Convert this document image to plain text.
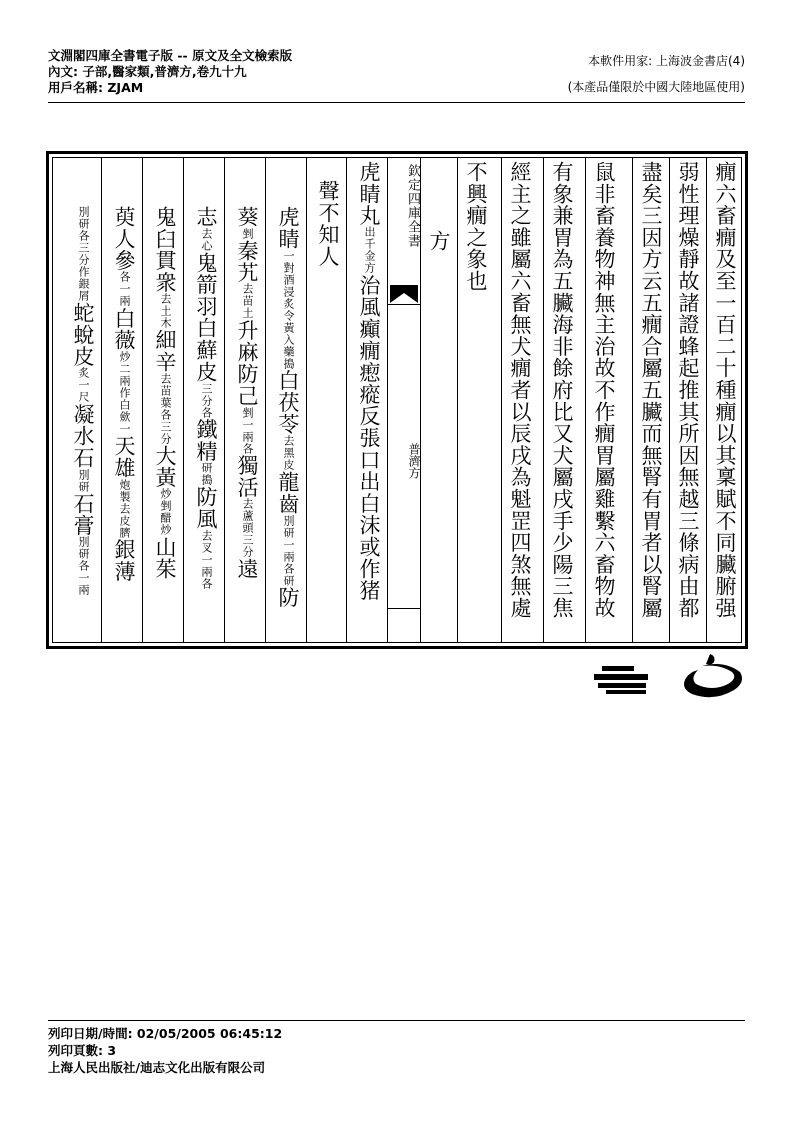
文淵閣四庫全書電子版 -- 原文及全文檢索版
內文: 子部,醫家類,普濟方,卷九十九
用戶名稱: ZJAM
本軟件用家: 上海波金書店(4)
(本產品僅限於中國大陸地區使用)
癇六畜癇及至一百二十種癇以其稟賦不同臟腑强
弱性理燥靜故諸證蜂起推其所因無越三條病由都
盡矣三因方云五癇合屬五臟而無腎有胃者以腎屬
鼠非畜養物神無主治故不作癇胃屬雞繫六畜物故
有象兼胃為五臟海非餘府比又犬屬戌手少陽三焦
經主之雖屬六畜無犬癇者以辰戌為魁罡四煞無處
不興癇之象也
方
欽定四庫全書
普濟方
虎睛丸出千金方治風癲癇瘛瘲反張口出白沫或作猪
聲不知人
虎睛一對酒浸炙令黃入藥搗白茯苓去黑皮龍齒別研一兩各研防
葵剉秦艽去苗土升麻防己剉一兩各獨活去蘆頭三分遠
志去心鬼箭羽白蘚皮三分各鐵精研搗防風去叉一兩各
鬼臼貫衆去土木細辛去苗葉各三分大黃炒剉醋炒山茱
萸人參各一兩白薇炒二兩作白歛一天雄炮製去皮臍銀薄
別研各三分作銀屑蛇蛻皮炙一尺凝水石別研石膏別研各一兩
列印日期/時間: 02/05/2005 06:45:12
列印頁數: 3
上海人民出版社/迪志文化出版有限公司
